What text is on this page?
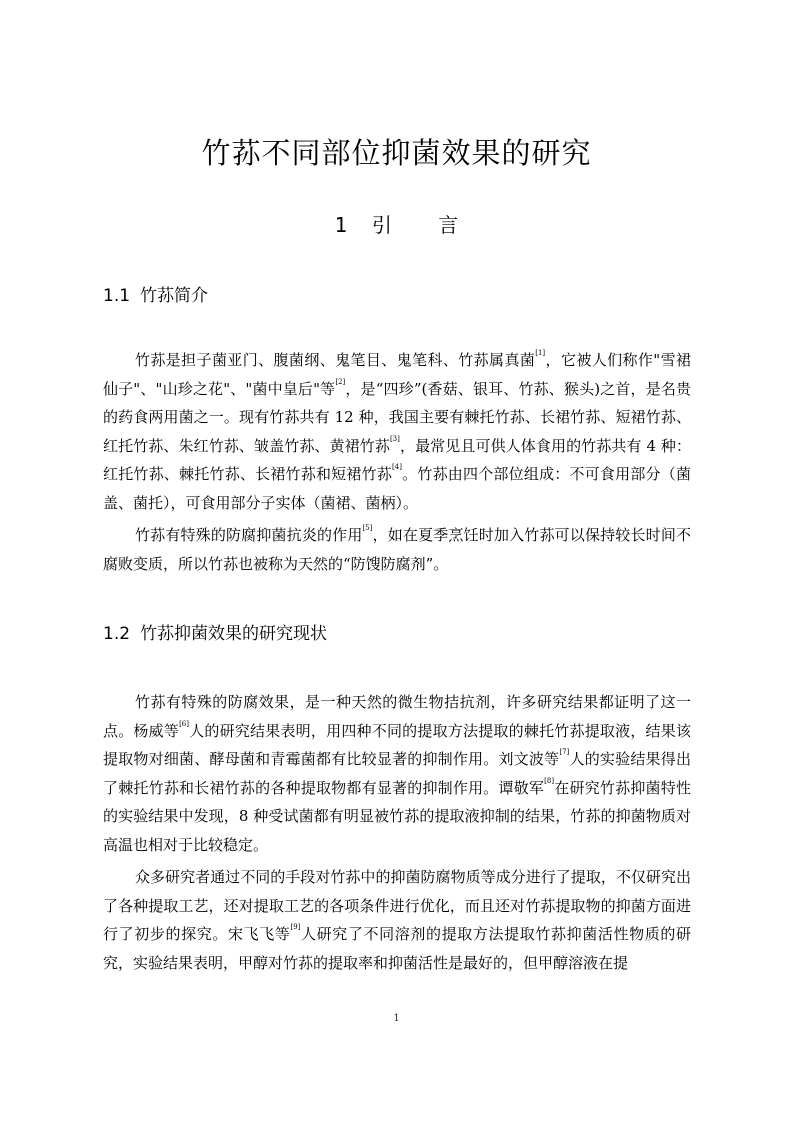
竹荪不同部位抑菌效果的研究
1 引 言
1.1 竹荪简介

竹荪是担子菌亚门、腹菌纲、鬼笔目、鬼笔科、竹荪属真菌[1]，它被人们称作"雪裙仙子"、"山珍之花"、"菌中皇后"等[2]，是“四珍”(香菇、银耳、竹荪、猴头)之首，是名贵的药食两用菌之一。现有竹荪共有 12 种，我国主要有棘托竹荪、长裙竹荪、短裙竹荪、红托竹荪、朱红竹荪、皱盖竹荪、黄裙竹荪[3]，最常见且可供人体食用的竹荪共有 4 种：红托竹荪、棘托竹荪、长裙竹荪和短裙竹荪[4]。竹荪由四个部位组成：不可食用部分（菌盖、菌托），可食用部分子实体（菌裙、菌柄）。

竹荪有特殊的防腐抑菌抗炎的作用[5]，如在夏季烹饪时加入竹荪可以保持较长时间不腐败变质，所以竹荪也被称为天然的“防馊防腐剂”。

1.2 竹荪抑菌效果的研究现状

竹荪有特殊的防腐效果，是一种天然的微生物拮抗剂，许多研究结果都证明了这一点。杨威等[6]人的研究结果表明，用四种不同的提取方法提取的棘托竹荪提取液，结果该提取物对细菌、酵母菌和青霉菌都有比较显著的抑制作用。刘文波等[7]人的实验结果得出了棘托竹荪和长裙竹荪的各种提取物都有显著的抑制作用。谭敬军[8]在研究竹荪抑菌特性的实验结果中发现，8 种受试菌都有明显被竹荪的提取液抑制的结果，竹荪的抑菌物质对高温也相对于比较稳定。

众多研究者通过不同的手段对竹荪中的抑菌防腐物质等成分进行了提取，不仅研究出了各种提取工艺，还对提取工艺的各项条件进行优化，而且还对竹荪提取物的抑菌方面进行了初步的探究。宋飞飞等[9]人研究了不同溶剂的提取方法提取竹荪抑菌活性物质的研究，实验结果表明，甲醇对竹荪的提取率和抑菌活性是最好的，但甲醇溶液在提

1
